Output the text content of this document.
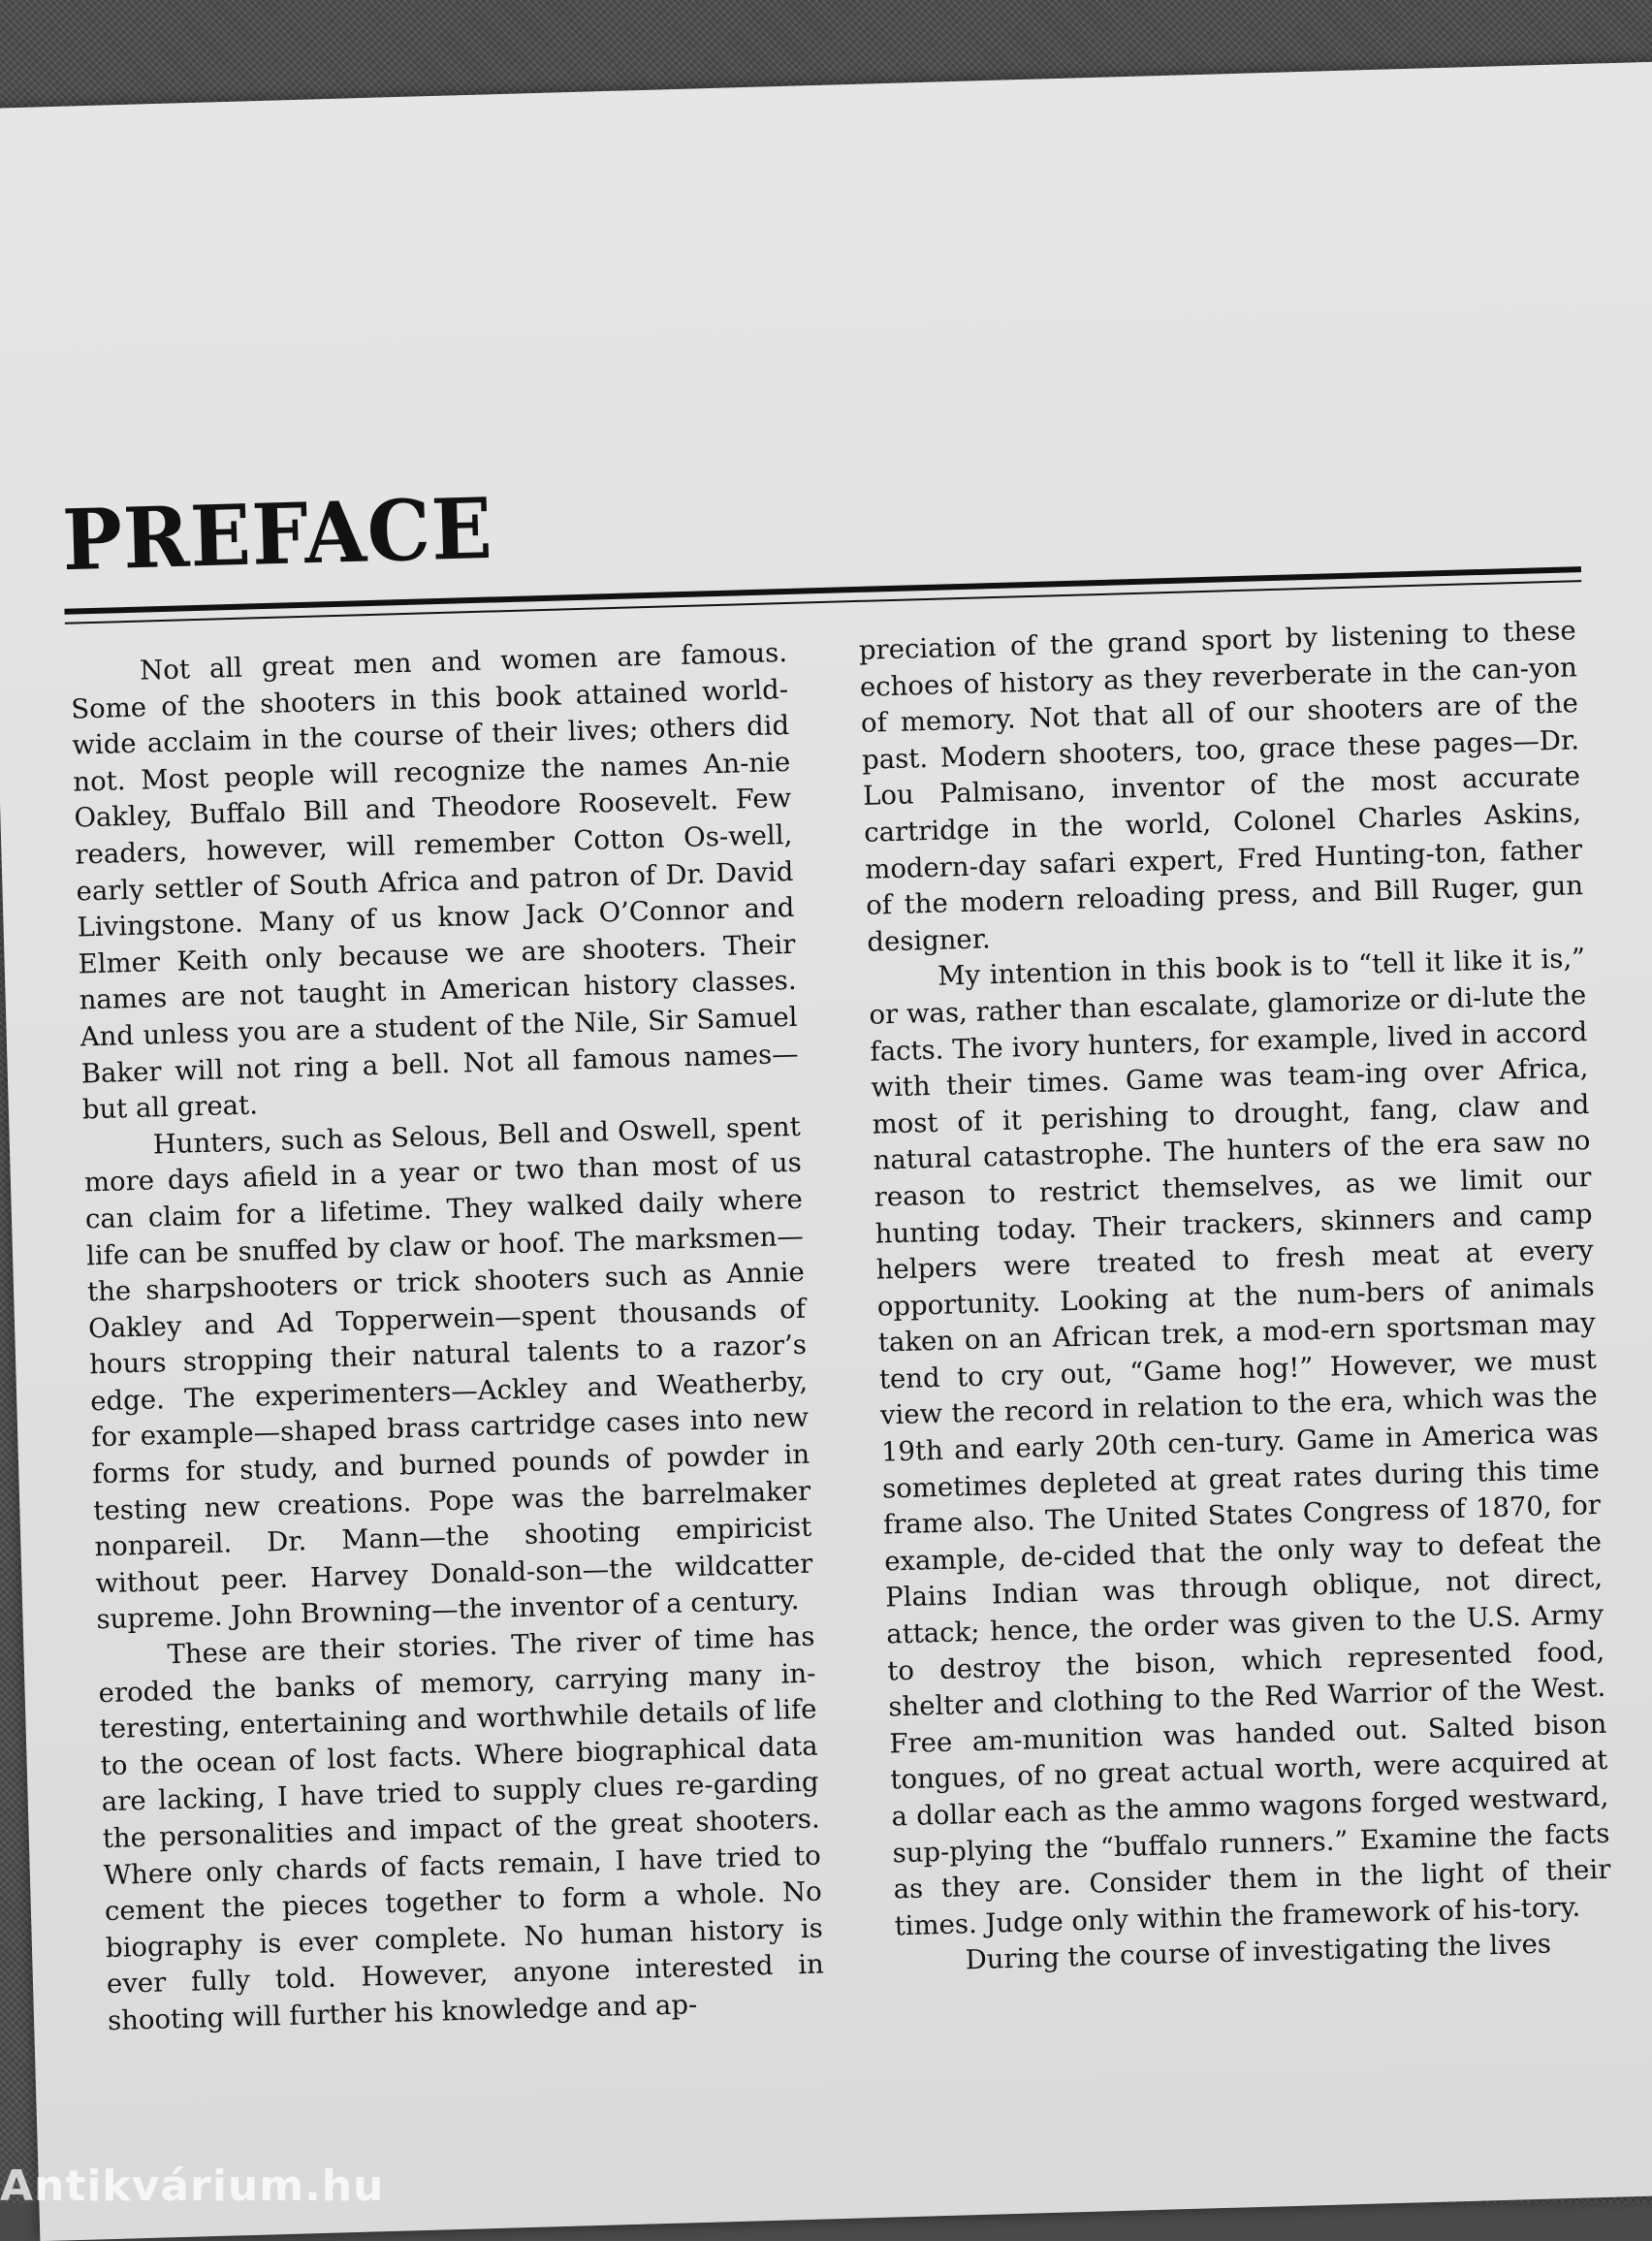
PREFACE

Not all great men and women are famous. Some of the shooters in this book attained world-wide acclaim in the course of their lives; others did not. Most people will recognize the names An-nie Oakley, Buffalo Bill and Theodore Roosevelt. Few readers, however, will remember Cotton Os-well, early settler of South Africa and patron of Dr. David Livingstone. Many of us know Jack O’Connor and Elmer Keith only because we are shooters. Their names are not taught in American history classes. And unless you are a student of the Nile, Sir Samuel Baker will not ring a bell. Not all famous names—but all great.

Hunters, such as Selous, Bell and Oswell, spent more days afield in a year or two than most of us can claim for a lifetime. They walked daily where life can be snuffed by claw or hoof. The marksmen—the sharpshooters or trick shooters such as Annie Oakley and Ad Topperwein—spent thousands of hours stropping their natural talents to a razor’s edge. The experimenters—Ackley and Weatherby, for example—shaped brass cartridge cases into new forms for study, and burned pounds of powder in testing new creations. Pope was the barrelmaker nonpareil. Dr. Mann—the shooting empiricist without peer. Harvey Donald-son—the wildcatter supreme. John Browning—the inventor of a century.

These are their stories. The river of time has eroded the banks of memory, carrying many in-teresting, entertaining and worthwhile details of life to the ocean of lost facts. Where biographical data are lacking, I have tried to supply clues re-garding the personalities and impact of the great shooters. Where only chards of facts remain, I have tried to cement the pieces together to form a whole. No biography is ever complete. No human history is ever fully told. However, anyone interested in shooting will further his knowledge and ap-

preciation of the grand sport by listening to these echoes of history as they reverberate in the can-yon of memory. Not that all of our shooters are of the past. Modern shooters, too, grace these pages—Dr. Lou Palmisano, inventor of the most accurate cartridge in the world, Colonel Charles Askins, modern-day safari expert, Fred Hunting-ton, father of the modern reloading press, and Bill Ruger, gun designer.

My intention in this book is to “tell it like it is,” or was, rather than escalate, glamorize or di-lute the facts. The ivory hunters, for example, lived in accord with their times. Game was team-ing over Africa, most of it perishing to drought, fang, claw and natural catastrophe. The hunters of the era saw no reason to restrict themselves, as we limit our hunting today. Their trackers, skinners and camp helpers were treated to fresh meat at every opportunity. Looking at the num-bers of animals taken on an African trek, a mod-ern sportsman may tend to cry out, “Game hog!” However, we must view the record in relation to the era, which was the 19th and early 20th cen-tury. Game in America was sometimes depleted at great rates during this time frame also. The United States Congress of 1870, for example, de-cided that the only way to defeat the Plains Indian was through oblique, not direct, attack; hence, the order was given to the U.S. Army to destroy the bison, which represented food, shelter and clothing to the Red Warrior of the West. Free am-munition was handed out. Salted bison tongues, of no great actual worth, were acquired at a dollar each as the ammo wagons forged westward, sup-plying the “buffalo runners.” Examine the facts as they are. Consider them in the light of their times. Judge only within the framework of his-tory.

During the course of investigating the lives

Antikvárium.hu
